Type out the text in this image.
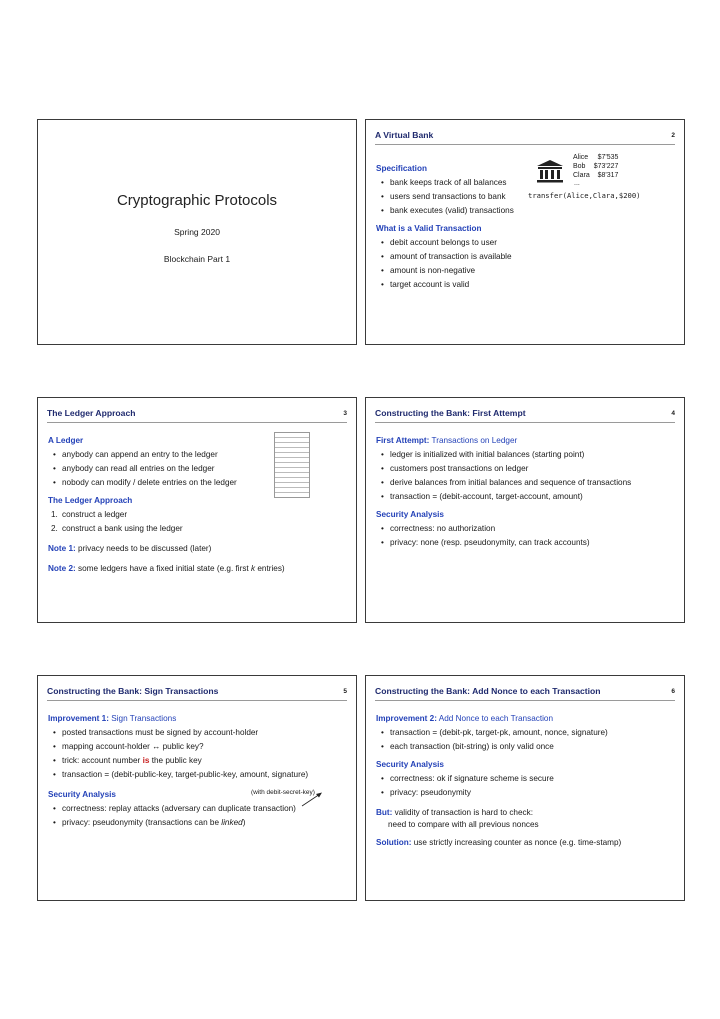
Cryptographic Protocols
Spring 2020
Blockchain Part 1
A Virtual Bank	2
Specification
• bank keeps track of all balances
• users send transactions to bank
• bank executes (valid) transactions
What is a Valid Transaction
• debit account belongs to user
• amount of transaction is available
• amount is non-negative
• target account is valid
Alice	$7'535
Bob	$73'227
Clara	$8'317
...
transfer(Alice,Clara,$200)
The Ledger Approach	3
A Ledger
• anybody can append an entry to the ledger
• anybody can read all entries on the ledger
• nobody can modify / delete entries on the ledger
The Ledger Approach
1. construct a ledger
2. construct a bank using the ledger
Note 1: privacy needs to be discussed (later)
Note 2: some ledgers have a fixed initial state (e.g. first k entries)
Constructing the Bank: First Attempt	4
First Attempt: Transactions on Ledger
• ledger is initialized with initial balances (starting point)
• customers post transactions on ledger
• derive balances from initial balances and sequence of transactions
• transaction = (debit-account, target-account, amount)
Security Analysis
• correctness: no authorization
• privacy: none (resp. pseudonymity, can track accounts)
Constructing the Bank: Sign Transactions	5
Improvement 1: Sign Transactions
• posted transactions must be signed by account-holder
• mapping account-holder ↔ public key?
• trick: account number is the public key
• transaction = (debit-public-key, target-public-key, amount, signature)
Security Analysis	(with debit-secret-key)
• correctness: replay attacks (adversary can duplicate transaction)
• privacy: pseudonymity (transactions can be linked)
Constructing the Bank: Add Nonce to each Transaction	6
Improvement 2: Add Nonce to each Transaction
• transaction = (debit-pk, target-pk, amount, nonce, signature)
• each transaction (bit-string) is only valid once
Security Analysis
• correctness: ok if signature scheme is secure
• privacy: pseudonymity
But: validity of transaction is hard to check:
need to compare with all previous nonces
Solution: use strictly increasing counter as nonce (e.g. time-stamp)
